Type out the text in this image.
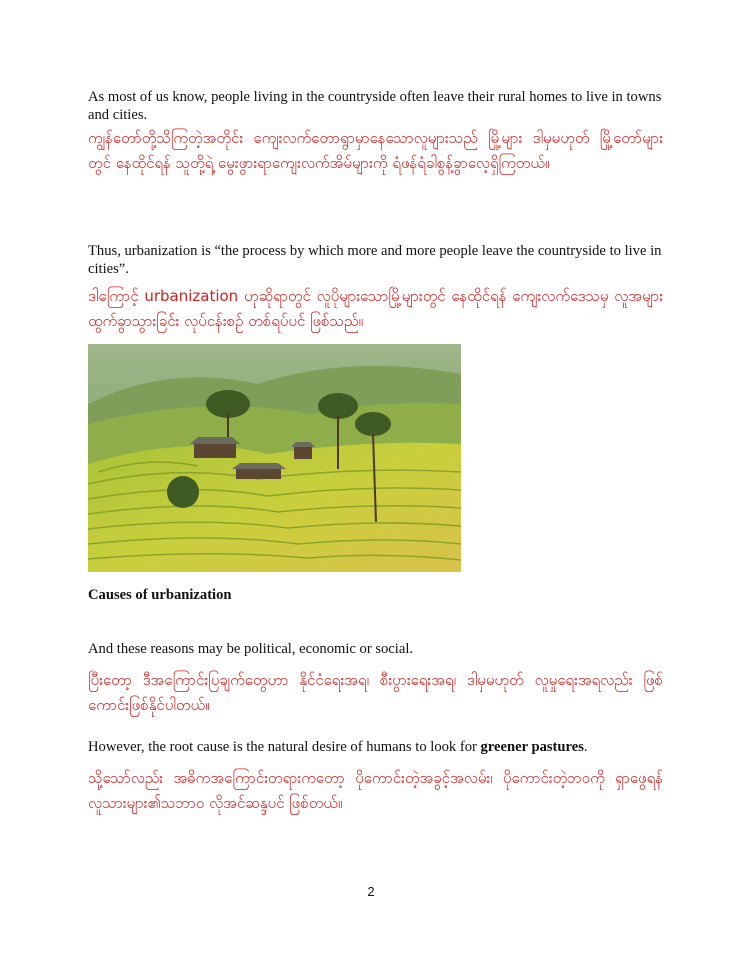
As most of us know, people living in the countryside often leave their rural homes to live in towns and cities.
ကျွန်တော်တို့သိကြတဲ့အတိုင်း ကျေးလက်တောရွာမှာနေသောလူများသည် မြို့များ ဒါမှမဟုတ် မြို့တော်များတွင် နေထိုင်ရန် သူတို့ရဲ့ မွေးဖွားရာကျေးလက်အိမ်များကို ရံဖန်ရံခါစွန့်ခွာလေ့ရှိကြတယ်။
Thus, urbanization is “the process by which more and more people leave the countryside to live in cities”.
ဒါကြောင့် urbanization ဟုဆိုရာတွင် လူပိုများသောမြို့များတွင် နေထိုင်ရန် ကျေးလက်ဒေသမှ လူအများထွက်ခွာသွားခြင်း လုပ်ငန်းစဉ် တစ်ရပ်ပင် ဖြစ်သည်။
Causes of urbanization
And these reasons may be political, economic or social.
ပြီးတော့ ဒီအကြောင်းပြချက်တွေဟာ နိုင်ငံရေးအရ၊ စီးပွားရေးအရ၊ ဒါမှမဟုတ် လူမှုရေးအရလည်း ဖြစ်ကောင်းဖြစ်နိုင်ပါတယ်။
However, the root cause is the natural desire of humans to look for greener pastures.
သို့သော်လည်း အဓိကအကြောင်းတရားကတော့ ပိုကောင်းတဲ့အခွင့်အလမ်း၊ ပိုကောင်းတဲ့ဘဝကို ရှာဖွေရန် လူသားများ၏သဘာဝ လိုအင်ဆန္ဒပင် ဖြစ်တယ်။
2
